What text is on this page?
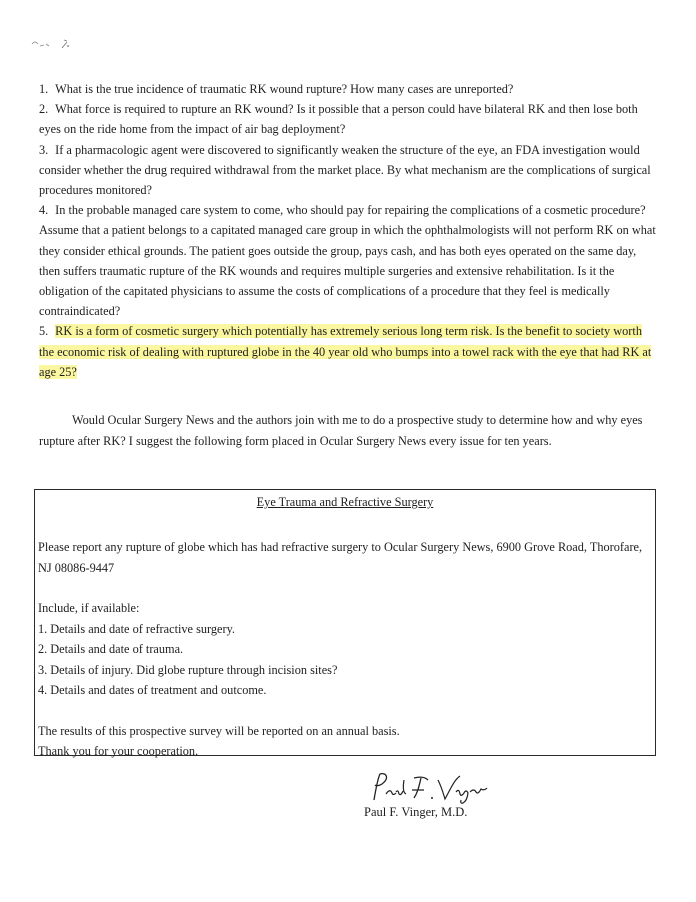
1. What is the true incidence of traumatic RK wound rupture? How many cases are unreported?

2. What force is required to rupture an RK wound? Is it possible that a person could have bilateral RK and then lose both eyes on the ride home from the impact of air bag deployment?

3. If a pharmacologic agent were discovered to significantly weaken the structure of the eye, an FDA investigation would consider whether the drug required withdrawal from the market place. By what mechanism are the complications of surgical procedures monitored?

4. In the probable managed care system to come, who should pay for repairing the complications of a cosmetic procedure? Assume that a patient belongs to a capitated managed care group in which the ophthalmologists will not perform RK on what they consider ethical grounds. The patient goes outside the group, pays cash, and has both eyes operated on the same day, then suffers traumatic rupture of the RK wounds and requires multiple surgeries and extensive rehabilitation. Is it the obligation of the capitated physicians to assume the costs of complications of a procedure that they feel is medically contraindicated?

5. RK is a form of cosmetic surgery which potentially has extremely serious long term risk. Is the benefit to society worth the economic risk of dealing with ruptured globe in the 40 year old who bumps into a towel rack with the eye that had RK at age 25?

Would Ocular Surgery News and the authors join with me to do a prospective study to determine how and why eyes rupture after RK? I suggest the following form placed in Ocular Surgery News every issue for ten years.

Eye Trauma and Refractive Surgery

Please report any rupture of globe which has had refractive surgery to Ocular Surgery News, 6900 Grove Road, Thorofare, NJ 08086-9447

Include, if available:

1. Details and date of refractive surgery.

2. Details and date of trauma.

3. Details of injury. Did globe rupture through incision sites?

4. Details and dates of treatment and outcome.

The results of this prospective survey will be reported on an annual basis.

Thank you for your cooperation.

Paul F. Vinger, M.D.
